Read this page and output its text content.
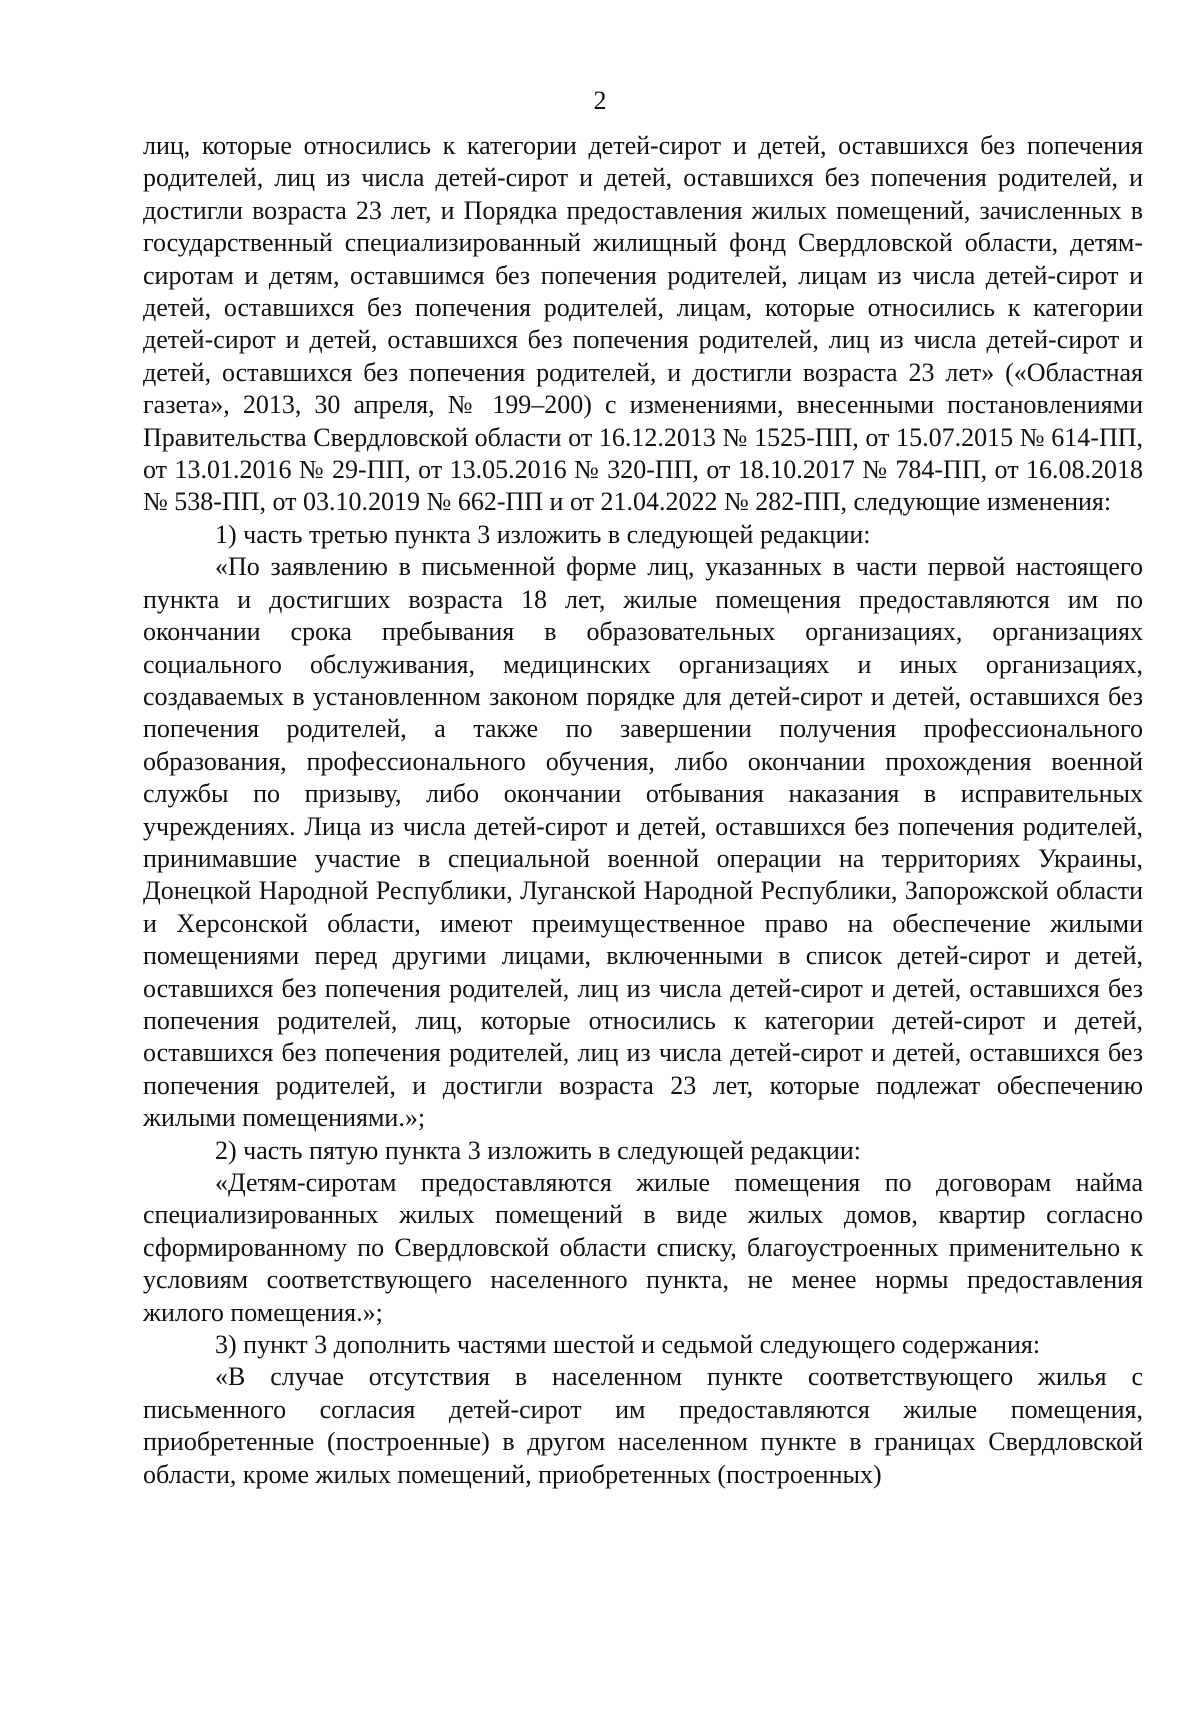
2

лиц, которые относились к категории детей-сирот и детей, оставшихся без попечения родителей, лиц из числа детей-сирот и детей, оставшихся без попечения родителей, и достигли возраста 23 лет, и Порядка предоставления жилых помещений, зачисленных в государственный специализированный жилищный фонд Свердловской области, детям-сиротам и детям, оставшимся без попечения родителей, лицам из числа детей-сирот и детей, оставшихся без попечения родителей, лицам, которые относились к категории детей-сирот и детей, оставшихся без попечения родителей, лиц из числа детей-сирот и детей, оставшихся без попечения родителей, и достигли возраста 23 лет» («Областная газета», 2013, 30 апреля, № 199–200) с изменениями, внесенными постановлениями Правительства Свердловской области от 16.12.2013 № 1525-ПП, от 15.07.2015 № 614-ПП, от 13.01.2016 № 29-ПП, от 13.05.2016 № 320-ПП, от 18.10.2017 № 784-ПП, от 16.08.2018 № 538-ПП, от 03.10.2019 № 662-ПП и от 21.04.2022 № 282-ПП, следующие изменения:

1) часть третью пункта 3 изложить в следующей редакции:

«По заявлению в письменной форме лиц, указанных в части первой настоящего пункта и достигших возраста 18 лет, жилые помещения предоставляются им по окончании срока пребывания в образовательных организациях, организациях социального обслуживания, медицинских организациях и иных организациях, создаваемых в установленном законом порядке для детей-сирот и детей, оставшихся без попечения родителей, а также по завершении получения профессионального образования, профессионального обучения, либо окончании прохождения военной службы по призыву, либо окончании отбывания наказания в исправительных учреждениях. Лица из числа детей-сирот и детей, оставшихся без попечения родителей, принимавшие участие в специальной военной операции на территориях Украины, Донецкой Народной Республики, Луганской Народной Республики, Запорожской области и Херсонской области, имеют преимущественное право на обеспечение жилыми помещениями перед другими лицами, включенными в список детей-сирот и детей, оставшихся без попечения родителей, лиц из числа детей-сирот и детей, оставшихся без попечения родителей, лиц, которые относились к категории детей-сирот и детей, оставшихся без попечения родителей, лиц из числа детей-сирот и детей, оставшихся без попечения родителей, и достигли возраста 23 лет, которые подлежат обеспечению жилыми помещениями.»;

2) часть пятую пункта 3 изложить в следующей редакции:

«Детям-сиротам предоставляются жилые помещения по договорам найма специализированных жилых помещений в виде жилых домов, квартир согласно сформированному по Свердловской области списку, благоустроенных применительно к условиям соответствующего населенного пункта, не менее нормы предоставления жилого помещения.»;

3) пункт 3 дополнить частями шестой и седьмой следующего содержания:

«В случае отсутствия в населенном пункте соответствующего жилья с письменного согласия детей-сирот им предоставляются жилые помещения, приобретенные (построенные) в другом населенном пункте в границах Свердловской области, кроме жилых помещений, приобретенных (построенных)
